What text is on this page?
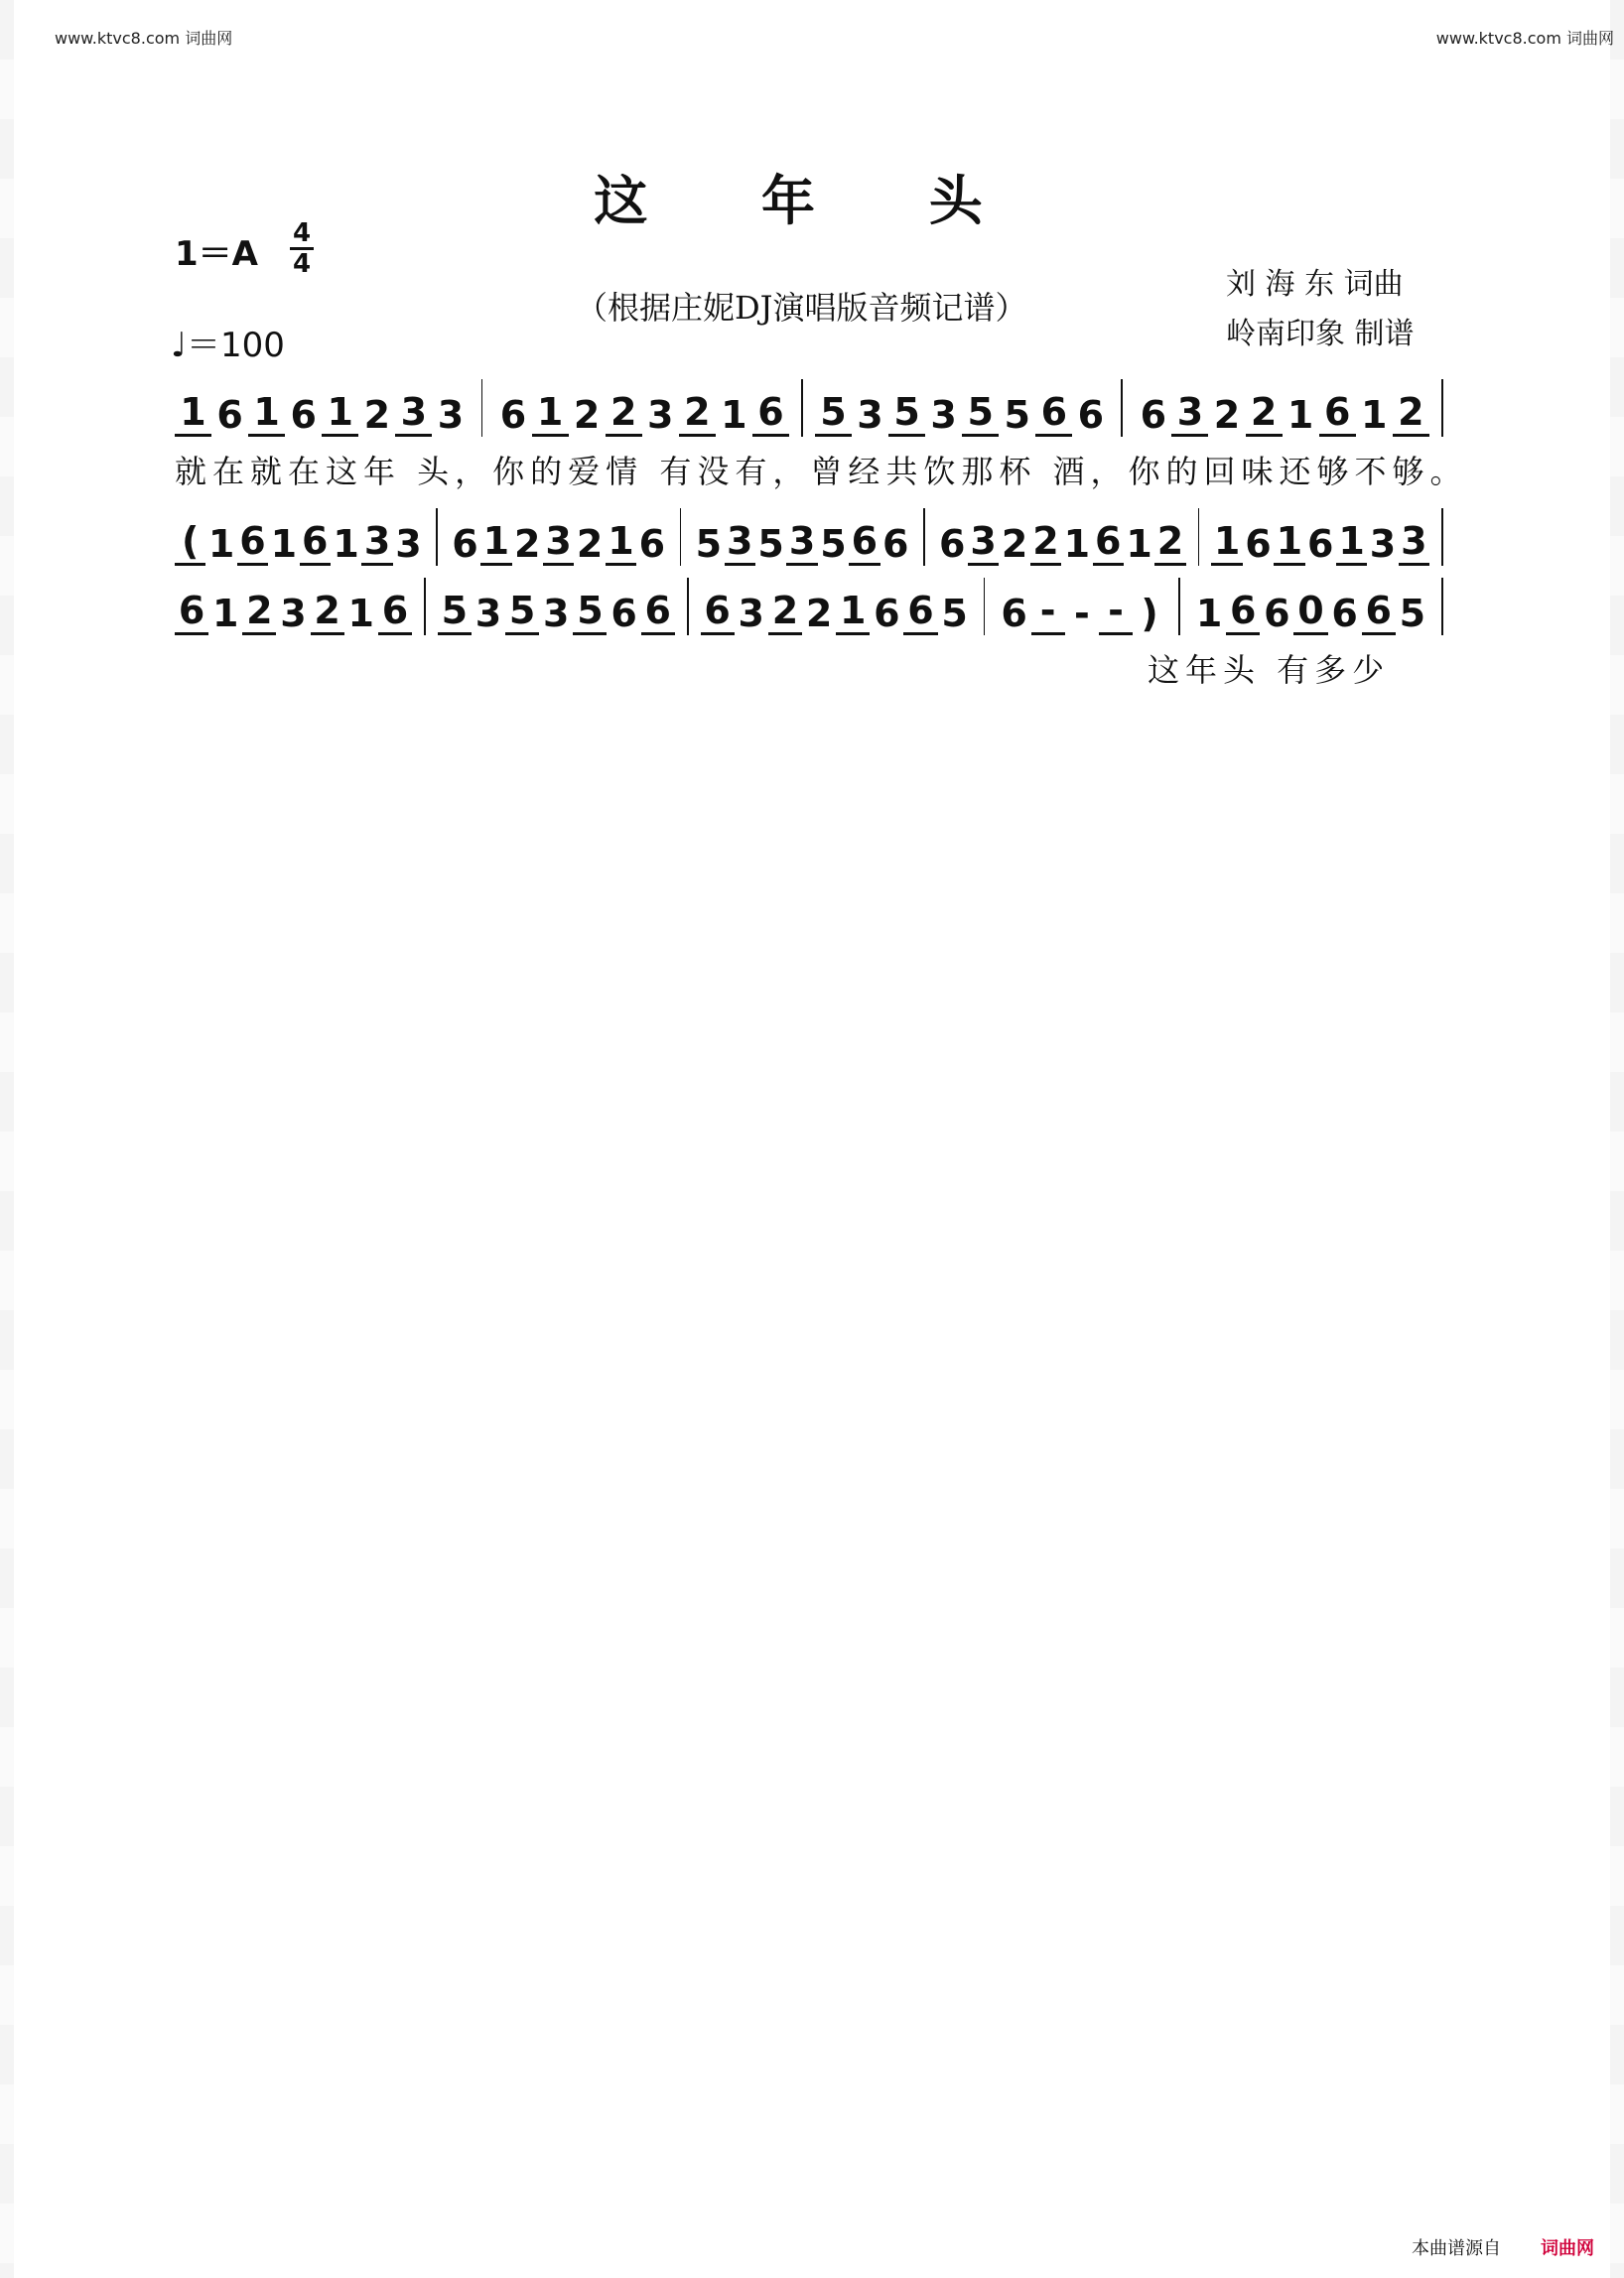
www.ktvc8.com 词曲网	www.ktvc8.com 词曲网
这 年 头
1＝A
4
4
♩＝100
（根据庄妮DJ演唱版音频记谱）
刘 海 东 词曲
岭南印象 制谱
1 6 1 6 1 2 3 3 6 1 2 2 3 2 1 6 5 3 5 3 5 5 6 6 6 3 2 2 1 6 1 2
就在就在这年 头，你的爱情 有没有，曾经共饮那杯 酒，你的回味还够不够。
( 1 6 1 6 1 3 3 6 1 2 3 2 1 6 5 3 5 3 5 6 6 6 3 2 2 1 6 1 2 1 6 1 6 1 3 3
6 1 2 3 2 1 6 5 3 5 3 5 6 6 6 3 2 2 1 6 6 5 6 - - - ) 1 6 6 0 6 6 5
这年头 有多少
本曲谱源自 词曲网
